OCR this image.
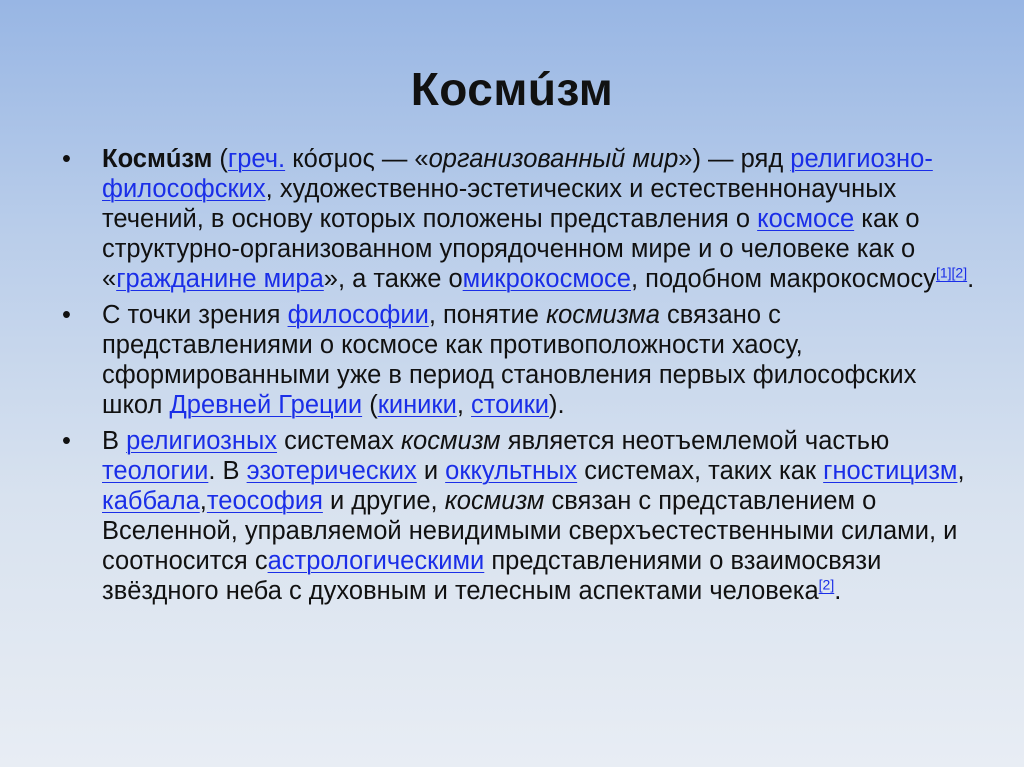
Космúзм
• Космúзм (греч. ко́σμος — «организованный мир») — ряд религиозно-философских, художественно-эстетических и естественнонаучных течений, в основу которых положены представления о космосе как о структурно-организованном упорядоченном мире и о человеке как о «гражданине мира», а также омикрокосмосе, подобном макрокосмосу[1][2].
• С точки зрения философии, понятие космизма связано с представлениями о космосе как противоположности хаосу, сформированными уже в период становления первых философских школ Древней Греции (киники, стоики).
• В религиозных системах космизм является неотъемлемой частью теологии. В эзотерических и оккультных системах, таких как гностицизм, каббала,теософия и другие, космизм связан с представлением о Вселенной, управляемой невидимыми сверхъестественными силами, и соотносится састрологическими представлениями о взаимосвязи звёздного неба с духовным и телесным аспектами человека[2].
